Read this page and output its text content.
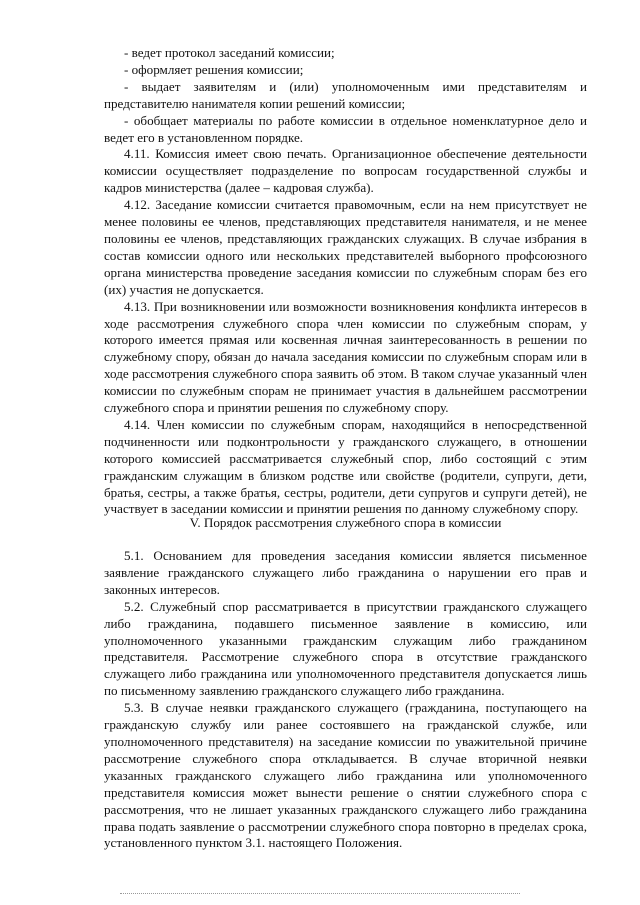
- ведет протокол заседаний комиссии;

- оформляет решения комиссии;

- выдает заявителям и (или) уполномоченным ими представителям и представителю нанимателя копии решений комиссии;

- обобщает материалы по работе комиссии в отдельное номенклатурное дело и ведет его в установленном порядке.

4.11. Комиссия имеет свою печать. Организационное обеспечение деятельности комиссии осуществляет подразделение по вопросам государственной службы и кадров министерства (далее – кадровая служба).

4.12. Заседание комиссии считается правомочным, если на нем присутствует не менее половины ее членов, представляющих представителя нанимателя, и не менее половины ее членов, представляющих гражданских служащих. В случае избрания в состав комиссии одного или нескольких представителей выборного профсоюзного органа министерства проведение заседания комиссии по служебным спорам без его (их) участия не допускается.

4.13. При возникновении или возможности возникновения конфликта интересов в ходе рассмотрения служебного спора член комиссии по служебным спорам, у которого имеется прямая или косвенная личная заинтересованность в решении по служебному спору, обязан до начала заседания комиссии по служебным спорам или в ходе рассмотрения служебного спора заявить об этом. В таком случае указанный член комиссии по служебным спорам не принимает участия в дальнейшем рассмотрении служебного спора и принятии решения по служебному спору.

4.14. Член комиссии по служебным спорам, находящийся в непосредственной подчиненности или подконтрольности у гражданского служащего, в отношении которого комиссией рассматривается служебный спор, либо состоящий с этим гражданским служащим в близком родстве или свойстве (родители, супруги, дети, братья, сестры, а также братья, сестры, родители, дети супругов и супруги детей), не участвует в заседании комиссии и принятии решения по данному служебному спору.

V. Порядок рассмотрения служебного спора в комиссии

5.1. Основанием для проведения заседания комиссии является письменное заявление гражданского служащего либо гражданина о нарушении его прав и законных интересов.

5.2. Служебный спор рассматривается в присутствии гражданского служащего либо гражданина, подавшего письменное заявление в комиссию, или уполномоченного указанными гражданским служащим либо гражданином представителя. Рассмотрение служебного спора в отсутствие гражданского служащего либо гражданина или уполномоченного представителя допускается лишь по письменному заявлению гражданского служащего либо гражданина.

5.3. В случае неявки гражданского служащего (гражданина, поступающего на гражданскую службу или ранее состоявшего на гражданской службе, или уполномоченного представителя) на заседание комиссии по уважительной причине рассмотрение служебного спора откладывается. В случае вторичной неявки указанных гражданского служащего либо гражданина или уполномоченного представителя комиссия может вынести решение о снятии служебного спора с рассмотрения, что не лишает указанных гражданского служащего либо гражданина права подать заявление о рассмотрении служебного спора повторно в пределах срока, установленного пунктом 3.1. настоящего Положения.
